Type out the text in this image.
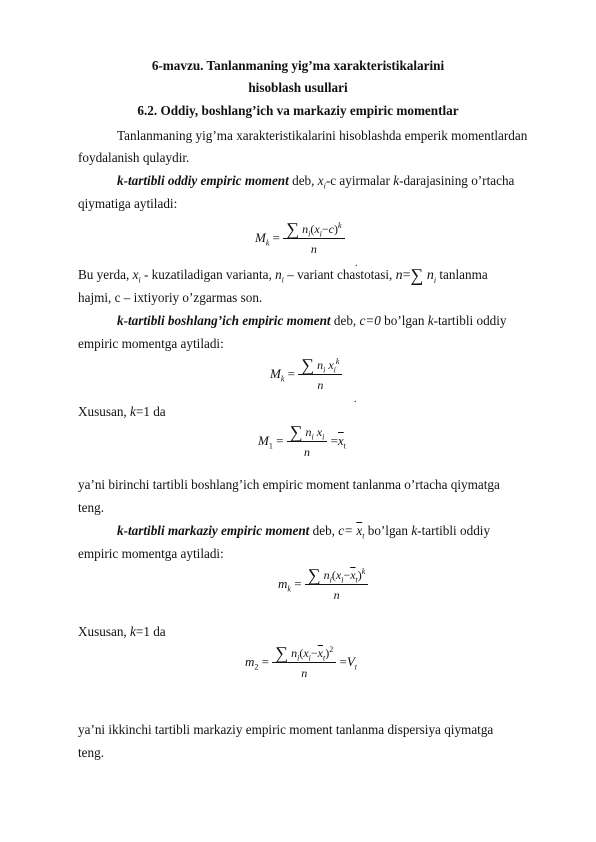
6-mavzu. Tanlanmaning yig’ma xarakteristikalarini
hisoblash usullari
6.2. Oddiy, boshlang’ich va markaziy empiric momentlar
Tanlanmaning yig’ma xarakteristikalarini hisoblashda emperik momentlardan
foydalanish qulaydir.
k-tartibli oddiy empiric moment deb, $x_i-c$ ayirmalar k-darajasining o’rtacha
qiymatiga aytiladi:
$M_k = \frac{\sum n_i(x_i-c)^k}{n}$
.
Bu yerda, $x_i$ - kuzatiladigan varianta, $n_i$ – variant chastotasi, n=∑ $n_i$ tanlanma
hajmi, c – ixtiyoriy o’zgarmas son.
k-tartibli boshlang’ich empiric moment deb, c=0 bo’lgan k-tartibli oddiy
empiric momentga aytiladi:
$M_k = \frac{\sum n_i x_i^k}{n}$
.
Xususan, k=1 da
$M_1 = \frac{\sum n_i x_i}{n} =\overline{x}_t$
ya’ni birinchi tartibli boshlang’ich empiric moment tanlanma o’rtacha qiymatga
teng.
k-tartibli markaziy empiric moment deb, $c= \overline{x}_t$ bo’lgan k-tartibli oddiy
empiric momentga aytiladi:
$m_k = \frac{\sum n_i(x_i-\overline{x}_t)^k}{n}$
Xususan, k=1 da
$m_2 = \frac{\sum n_i(x_i-\overline{x}_t)^2}{n} =V_t$
ya’ni ikkinchi tartibli markaziy empiric moment tanlanma dispersiya qiymatga
teng.
